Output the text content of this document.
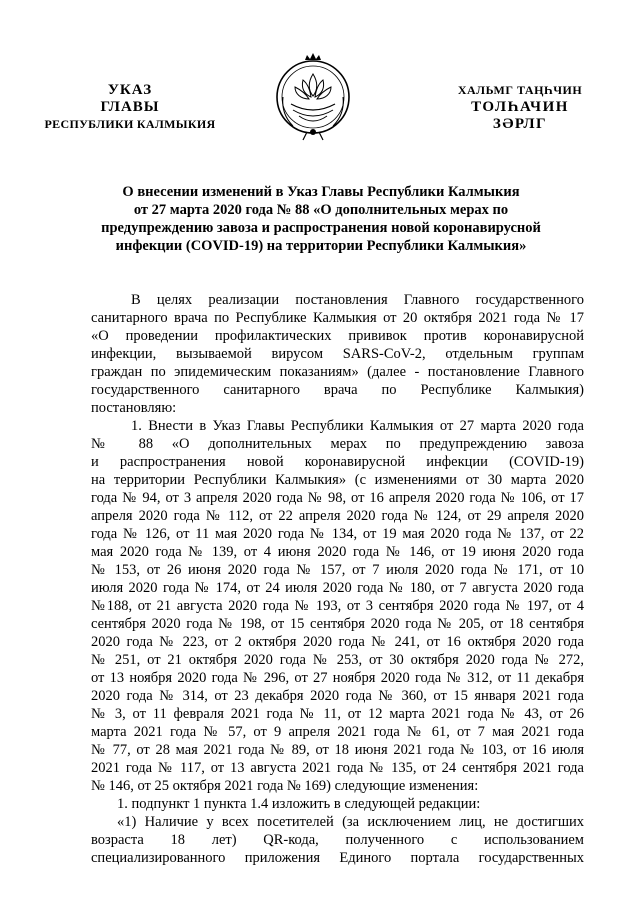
УКАЗ
ГЛАВЫ
РЕСПУБЛИКИ КАЛМЫКИЯ
ХАЛЬМГ ТАҢҺЧИН
ТОЛҺАЧИН
ЗӘРЛГ
О внесении изменений в Указ Главы Республики Калмыкия
от 27 марта 2020 года № 88 «О дополнительных мерах по
предупреждению завоза и распространения новой коронавирусной
инфекции (COVID-19) на территории Республики Калмыкия»
В целях реализации постановления Главного государственного
санитарного врача по Республике Калмыкия от 20 октября 2021 года № 17
«О проведении профилактических прививок против коронавирусной
инфекции, вызываемой вирусом SARS-CoV-2, отдельным группам
граждан по эпидемическим показаниям» (далее - постановление Главного
государственного санитарного врача по Республике Калмыкия)
постановляю:
1. Внести в Указ Главы Республики Калмыкия от 27 марта 2020 года
№ 88 «О дополнительных мерах по предупреждению завоза
и распространения новой коронавирусной инфекции (COVID-19)
на территории Республики Калмыкия» (с изменениями от 30 марта 2020
года № 94, от 3 апреля 2020 года № 98, от 16 апреля 2020 года № 106, от 17
апреля 2020 года № 112, от 22 апреля 2020 года № 124, от 29 апреля 2020
года № 126, от 11 мая 2020 года № 134, от 19 мая 2020 года № 137, от 22
мая 2020 года № 139, от 4 июня 2020 года № 146, от 19 июня 2020 года
№ 153, от 26 июня 2020 года № 157, от 7 июля 2020 года № 171, от 10
июля 2020 года № 174, от 24 июля 2020 года № 180, от 7 августа 2020 года
№188, от 21 августа 2020 года № 193, от 3 сентября 2020 года № 197, от 4
сентября 2020 года № 198, от 15 сентября 2020 года № 205, от 18 сентября
2020 года № 223, от 2 октября 2020 года № 241, от 16 октября 2020 года
№ 251, от 21 октября 2020 года № 253, от 30 октября 2020 года № 272,
от 13 ноября 2020 года № 296, от 27 ноября 2020 года № 312, от 11 декабря
2020 года № 314, от 23 декабря 2020 года № 360, от 15 января 2021 года
№ 3, от 11 февраля 2021 года № 11, от 12 марта 2021 года № 43, от 26
марта 2021 года № 57, от 9 апреля 2021 года № 61, от 7 мая 2021 года
№ 77, от 28 мая 2021 года № 89, от 18 июня 2021 года № 103, от 16 июля
2021 года № 117, от 13 августа 2021 года № 135, от 24 сентября 2021 года
№ 146, от 25 октября 2021 года № 169) следующие изменения:
1. подпункт 1 пункта 1.4 изложить в следующей редакции:
«1) Наличие у всех посетителей (за исключением лиц, не достигших
возраста 18 лет) QR-кода, полученного с использованием
специализированного приложения Единого портала государственных
